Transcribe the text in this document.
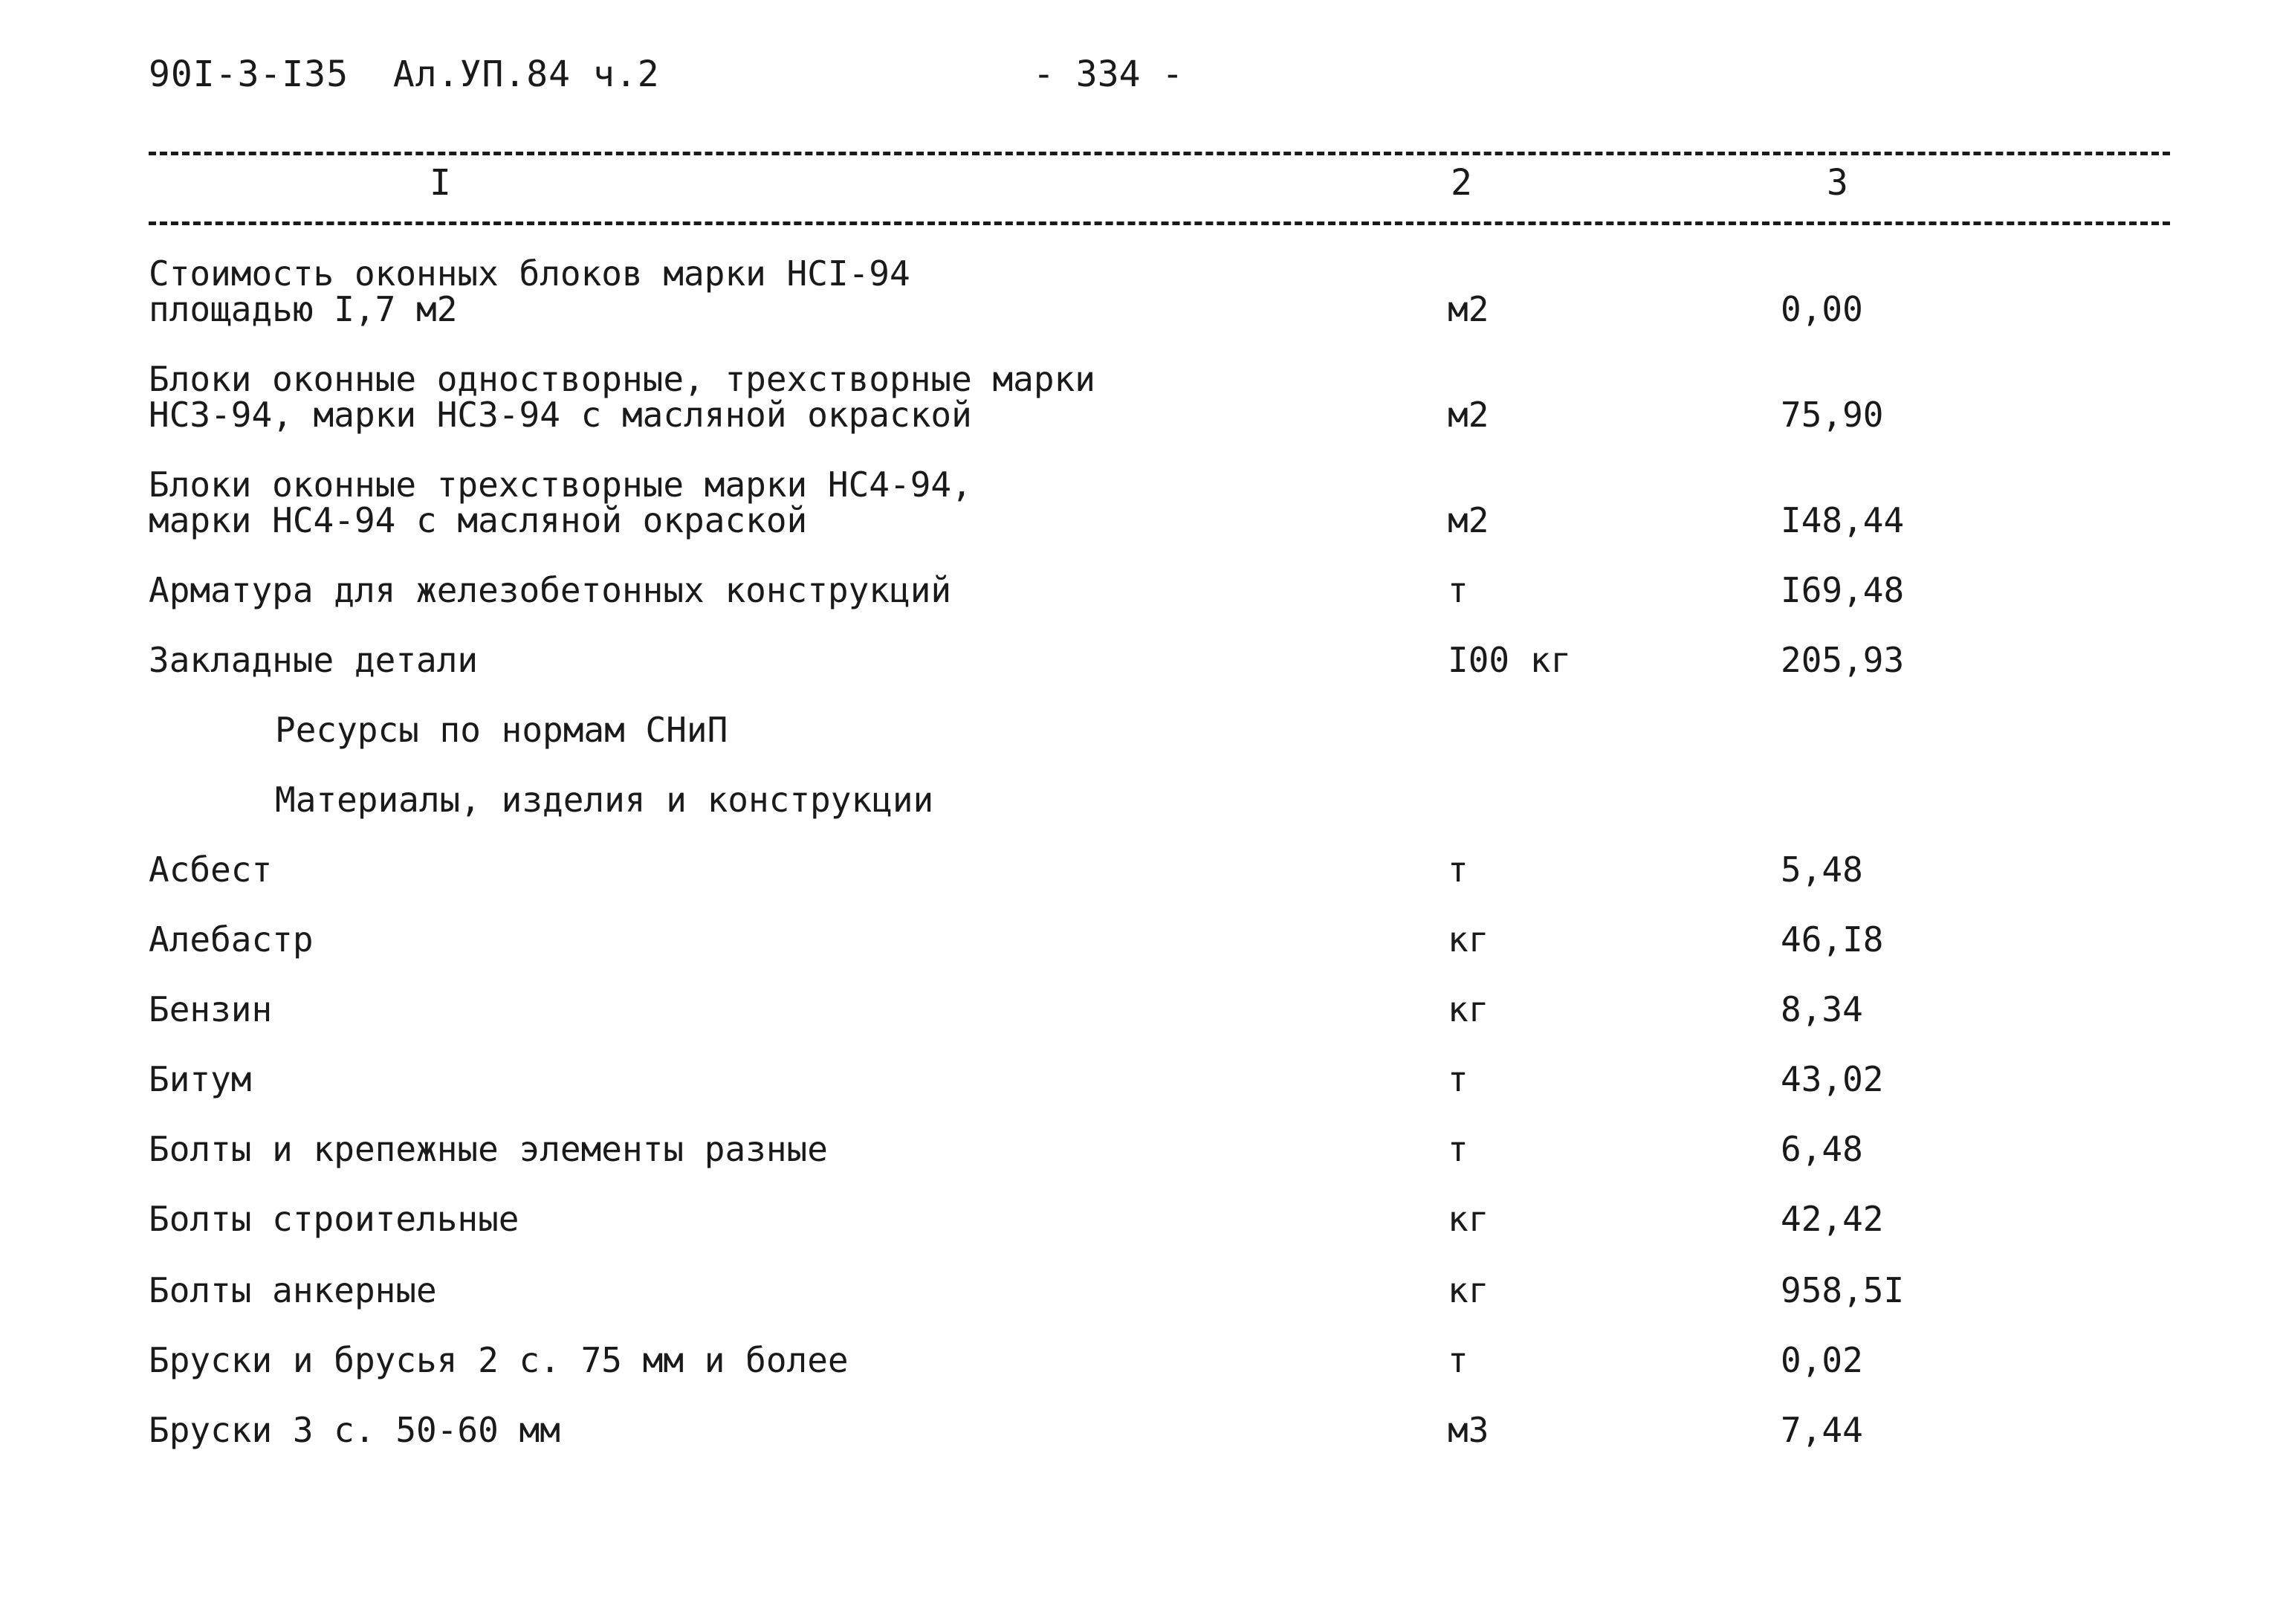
90I-3-I35  Ал.УП.84 ч.2	- 334 -
I	2	3
Стоимость оконных блоков марки НСI-94
площадью I,7 м2	м2	0,00
Блоки оконные одностворные, трехстворные марки
НС3-94, марки НС3-94 с масляной окраской	м2	75,90
Блоки оконные трехстворные марки НС4-94,
марки НС4-94 с масляной окраской	м2	I48,44
Арматура для железобетонных конструкций	т	I69,48
Закладные детали	I00 кг	205,93
Ресурсы по нормам СНиП
Материалы, изделия и конструкции
Асбест	т	5,48
Алебастр	кг	46,I8
Бензин	кг	8,34
Битум	т	43,02
Болты и крепежные элементы разные	т	6,48
Болты строительные	кг	42,42
Болты анкерные	кг	958,5I
Бруски и брусья 2 с. 75 мм и более	т	0,02
Бруски 3 с. 50-60 мм	м3	7,44
